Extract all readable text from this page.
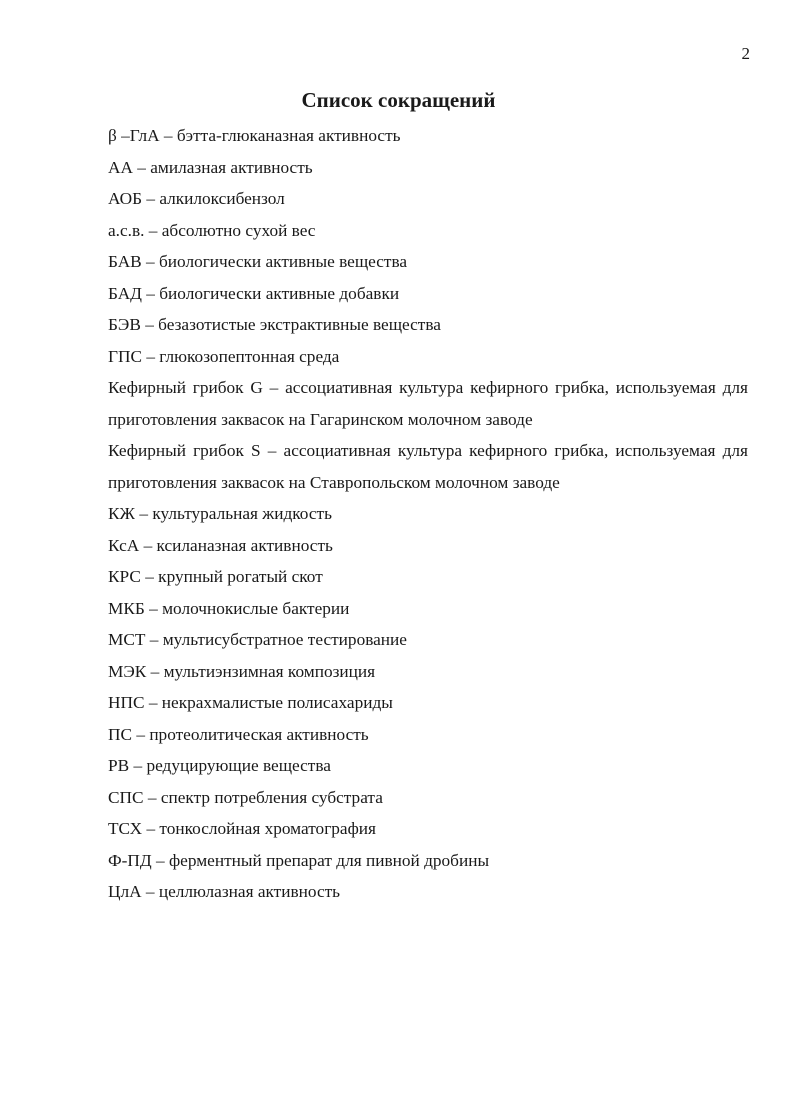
2
Список сокращений

β –ГлА – бэтта-глюканазная активность

АА – амилазная активность

АОБ – алкилоксибензол

а.с.в. – абсолютно сухой вес

БАВ – биологически активные вещества

БАД – биологически активные добавки

БЭВ – безазотистые экстрактивные вещества

ГПС – глюкозопептонная среда

Кефирный грибок G – ассоциативная культура кефирного грибка, используемая для приготовления заквасок на Гагаринском молочном заводе

Кефирный грибок S – ассоциативная культура кефирного грибка, используемая для приготовления заквасок на Ставропольском молочном заводе

КЖ – культуральная жидкость

КсА – ксиланазная активность

КРС – крупный рогатый скот

МКБ – молочнокислые бактерии

МСТ – мультисубстратное тестирование

МЭК – мультиэнзимная композиция

НПС – некрахмалистые полисахариды

ПС – протеолитическая активность

РВ – редуцирующие вещества

СПС – спектр потребления субстрата

ТСХ – тонкослойная хроматография

Ф-ПД – ферментный препарат для пивной дробины

ЦлА – целлюлазная активность
